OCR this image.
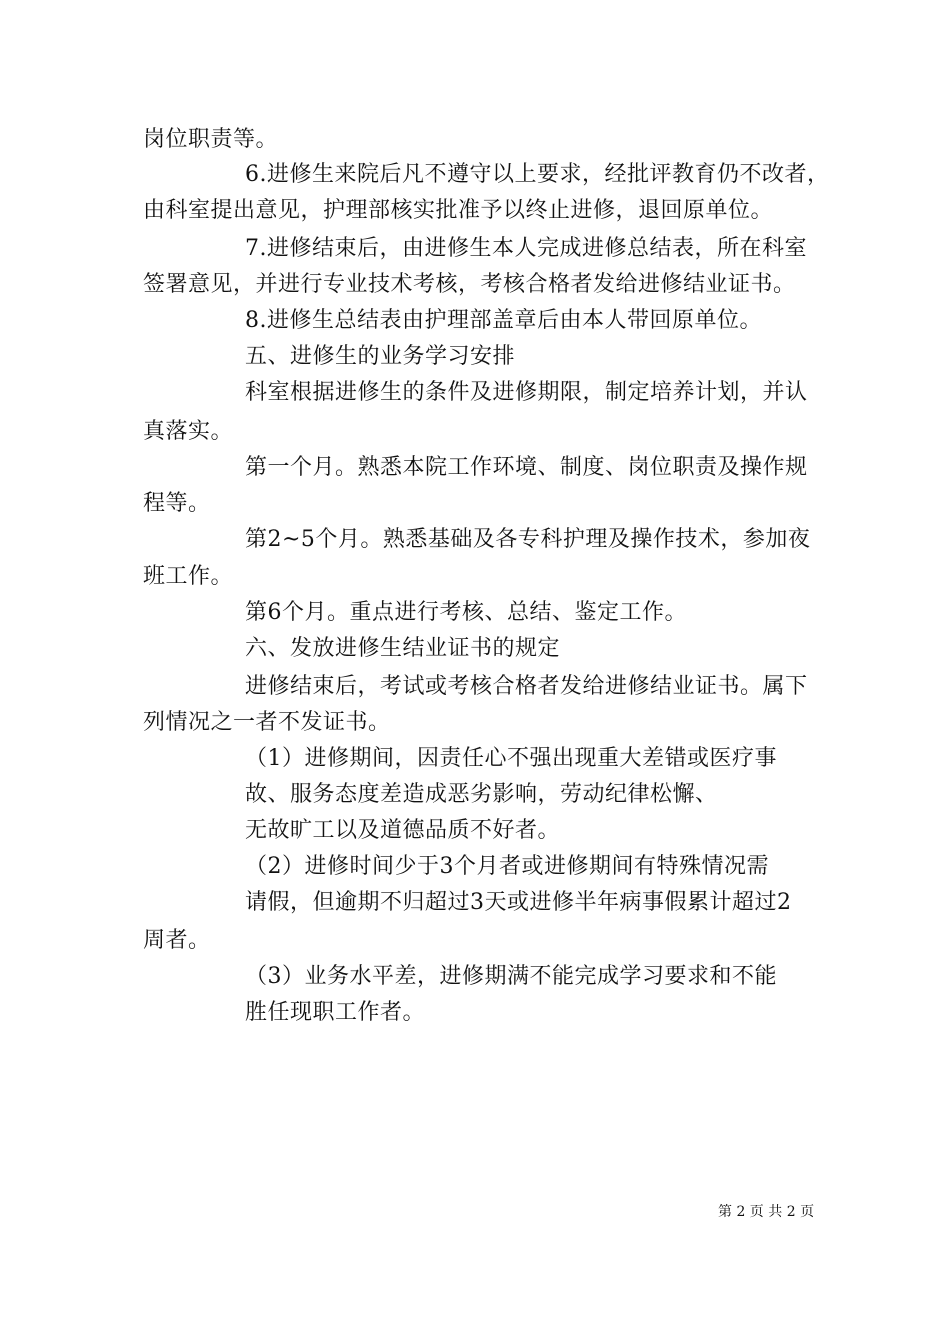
岗位职责等。
6.进修生来院后凡不遵守以上要求，经批评教育仍不改者，
由科室提出意见，护理部核实批准予以终止进修，退回原单位。
7.进修结束后，由进修生本人完成进修总结表，所在科室
签署意见，并进行专业技术考核，考核合格者发给进修结业证书。
8.进修生总结表由护理部盖章后由本人带回原单位。
五、进修生的业务学习安排
科室根据进修生的条件及进修期限，制定培养计划，并认
真落实。
第一个月。熟悉本院工作环境、制度、岗位职责及操作规
程等。
第2~5个月。熟悉基础及各专科护理及操作技术，参加夜
班工作。
第6个月。重点进行考核、总结、鉴定工作。
六、发放进修生结业证书的规定
进修结束后，考试或考核合格者发给进修结业证书。属下
列情况之一者不发证书。
（1）进修期间，因责任心不强出现重大差错或医疗事
故、服务态度差造成恶劣影响，劳动纪律松懈、
无故旷工以及道德品质不好者。
（2）进修时间少于3个月者或进修期间有特殊情况需
请假，但逾期不归超过3天或进修半年病事假累计超过2
周者。
（3）业务水平差，进修期满不能完成学习要求和不能
胜任现职工作者。
第 2 页 共 2 页
